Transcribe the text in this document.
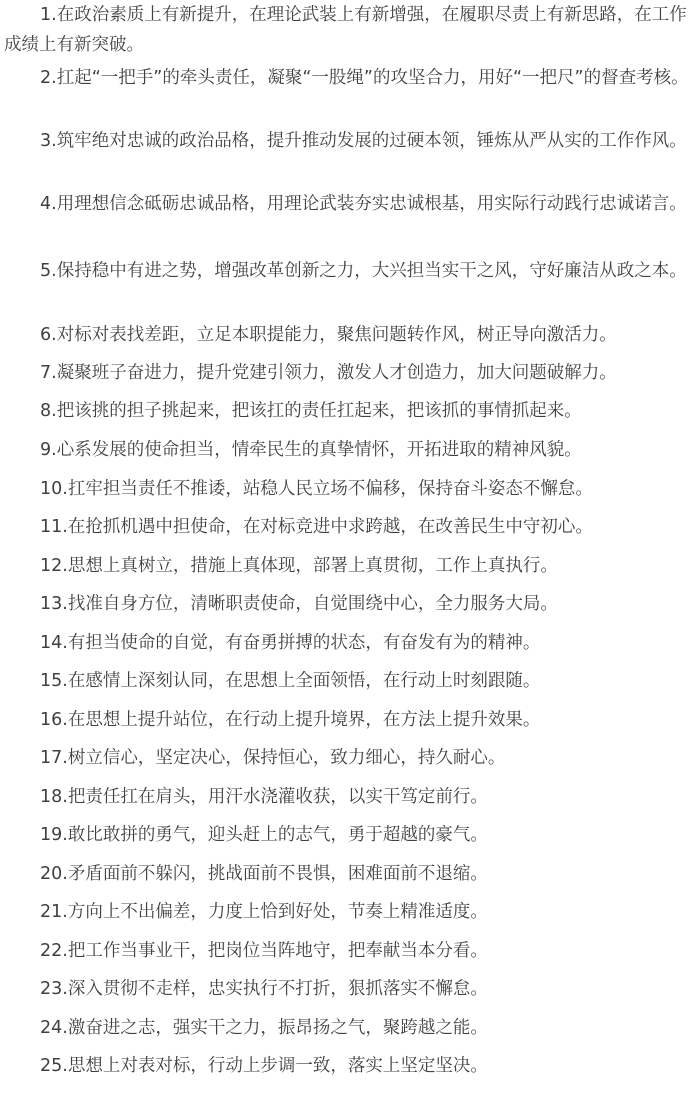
1.在政治素质上有新提升，在理论武装上有新增强，在履职尽责上有新思路，在工作成绩上有新突破。

2.扛起“一把手”的牵头责任，凝聚“一股绳”的攻坚合力，用好“一把尺”的督查考核。

3.筑牢绝对忠诚的政治品格，提升推动发展的过硬本领，锤炼从严从实的工作作风。

4.用理想信念砥砺忠诚品格，用理论武装夯实忠诚根基，用实际行动践行忠诚诺言。

5.保持稳中有进之势，增强改革创新之力，大兴担当实干之风，守好廉洁从政之本。

6.对标对表找差距，立足本职提能力，聚焦问题转作风，树正导向激活力。

7.凝聚班子奋进力，提升党建引领力，激发人才创造力，加大问题破解力。

8.把该挑的担子挑起来，把该扛的责任扛起来，把该抓的事情抓起来。

9.心系发展的使命担当，情牵民生的真挚情怀，开拓进取的精神风貌。

10.扛牢担当责任不推诿，站稳人民立场不偏移，保持奋斗姿态不懈怠。

11.在抢抓机遇中担使命，在对标竞进中求跨越，在改善民生中守初心。

12.思想上真树立，措施上真体现，部署上真贯彻，工作上真执行。

13.找准自身方位，清晰职责使命，自觉围绕中心，全力服务大局。

14.有担当使命的自觉，有奋勇拼搏的状态，有奋发有为的精神。

15.在感情上深刻认同，在思想上全面领悟，在行动上时刻跟随。

16.在思想上提升站位，在行动上提升境界，在方法上提升效果。

17.树立信心，坚定决心，保持恒心，致力细心，持久耐心。

18.把责任扛在肩头，用汗水浇灌收获，以实干笃定前行。

19.敢比敢拼的勇气，迎头赶上的志气，勇于超越的豪气。

20.矛盾面前不躲闪，挑战面前不畏惧，困难面前不退缩。

21.方向上不出偏差，力度上恰到好处，节奏上精准适度。

22.把工作当事业干，把岗位当阵地守，把奉献当本分看。

23.深入贯彻不走样，忠实执行不打折，狠抓落实不懈怠。

24.激奋进之志，强实干之力，振昂扬之气，聚跨越之能。

25.思想上对表对标，行动上步调一致，落实上坚定坚决。
